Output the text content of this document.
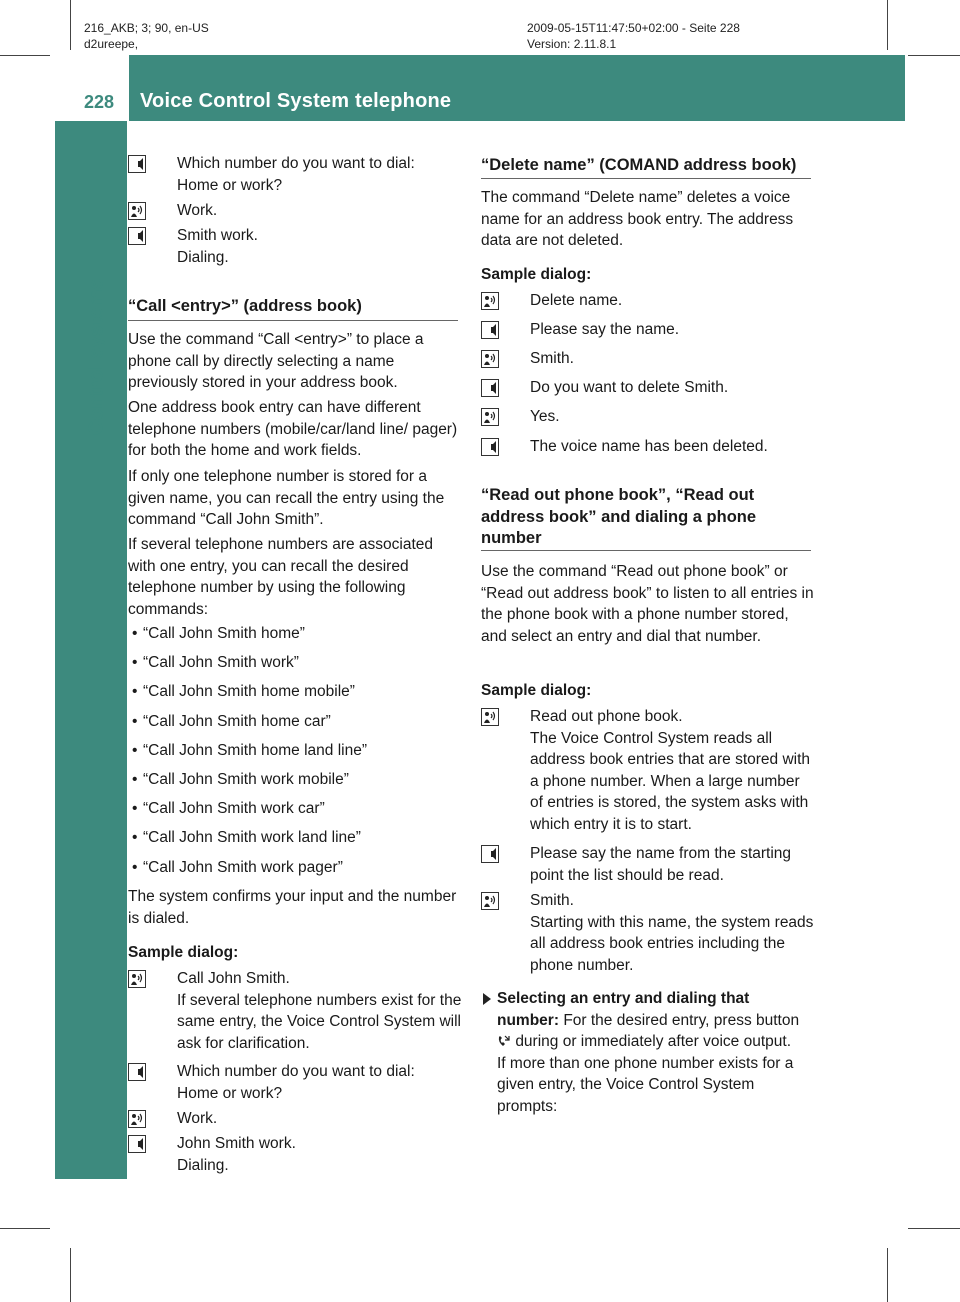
216_AKB; 3; 90, en-US
d2ureepe,
2009-05-15T11:47:50+02:00 - Seite 228
Version: 2.11.8.1
228 Voice Control System telephone
Control systems
Which number do you want to dial:
Home or work?
Work.
Smith work.
Dialing.
“Call <entry>” (address book)
Use the command “Call <entry>” to place a phone call by directly selecting a name previously stored in your address book.
One address book entry can have different telephone numbers (mobile/car/land line/ pager) for both the home and work fields.
If only one telephone number is stored for a given name, you can recall the entry using the command “Call John Smith”.
If several telephone numbers are associated with one entry, you can recall the desired telephone number by using the following commands:
• “Call John Smith home”
• “Call John Smith work”
• “Call John Smith home mobile”
• “Call John Smith home car”
• “Call John Smith home land line”
• “Call John Smith work mobile”
• “Call John Smith work car”
• “Call John Smith work land line”
• “Call John Smith work pager”
The system confirms your input and the number is dialed.
Sample dialog:
Call John Smith.
If several telephone numbers exist for the same entry, the Voice Control System will ask for clarification.
Which number do you want to dial:
Home or work?
Work.
John Smith work.
Dialing.
“Delete name” (COMAND address book)
The command “Delete name” deletes a voice name for an address book entry. The address data are not deleted.
Sample dialog:
Delete name.
Please say the name.
Smith.
Do you want to delete Smith.
Yes.
The voice name has been deleted.
“Read out phone book”, “Read out address book” and dialing a phone number
Use the command “Read out phone book” or “Read out address book” to listen to all entries in the phone book with a phone number stored, and select an entry and dial that number.
Sample dialog:
Read out phone book.
The Voice Control System reads all address book entries that are stored with a phone number. When a large number of entries is stored, the system asks with which entry it is to start.
Please say the name from the starting point the list should be read.
Smith.
Starting with this name, the system reads all address book entries including the phone number.
Selecting an entry and dialing that number: For the desired entry, press button  during or immediately after voice output.
If more than one phone number exists for a given entry, the Voice Control System prompts:
